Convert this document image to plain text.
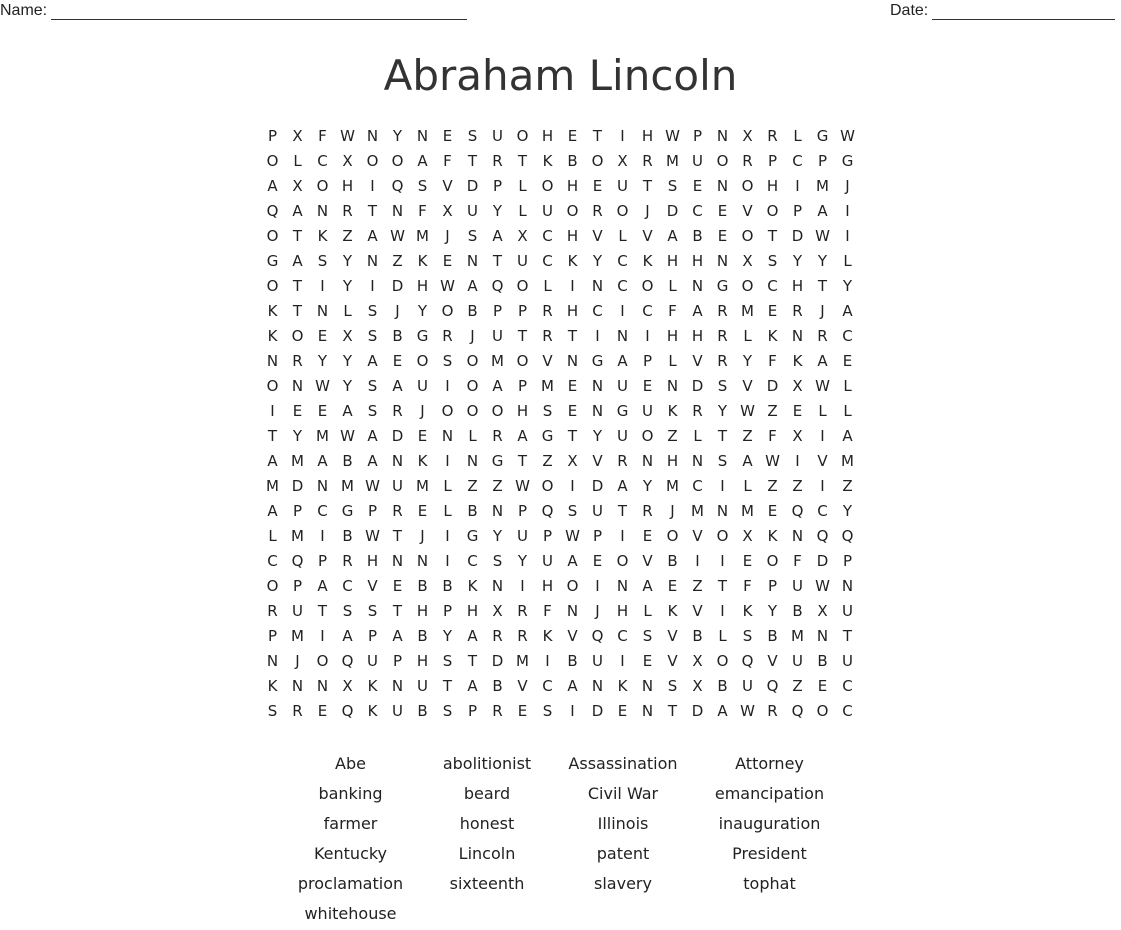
Name:	Date:
Abraham Lincoln
P	X	F W N Y N E	S U O H E	T	I	H W P N X R	L	G W
O L	C X O O A	F	T	R	T	K B O X R M U O R	P	C	P G
A X O H	I	Q S	V D P	L O H E U T	S	E N O H	I	M	J
Q A N R	T N	F	X U Y	L	U O R O	J	D C	E	V O P	A	I
O T	K Z A W M	J	S	A X C H V	L	V A B	E O T D W	I
G A	S	Y N Z K	E N T U C K	Y	C K H H N X	S	Y	Y	L
O T	I	Y	I	D H W A Q O L	I	N C O L	N G O C H T	Y
K	T N	L	S	J	Y O B	P	P	R H C	I	C	F	A R M E	R	J	A
K O E	X	S	B G R	J	U T	R	T	I	N	I	H H R	L	K N R C
N R	Y	Y	A	E O S O M O V N G A	P	L	V R	Y	F	K A	E
O N W Y	S	A U	I	O A	P M E N U E N D S	V D X W L
I	E	E	A	S	R	J	O O O H S	E N G U K R	Y W Z	E	L	L
T	Y M W A D E N	L	R A G T	Y U O Z	L	T	Z	F	X	I	A
A M A B A N K	I	N G T	Z X V R N H N S	A W	I	V M
M D N M W U M L	Z Z W O	I	D A	Y M C	I	L	Z Z	I	Z
A	P	C G P	R	E	L	B N P Q S U T	R	J	M N M E Q C	Y
L M	I	B W T	J	I	G Y U P W P	I	E O V O X K N Q Q
C Q P	R H N N	I	C	S	Y U A	E O V B	I	I	E O F D P
O P	A C V	E	B B K N	I	H O	I	N A	E	Z	T	F	P U W N
R U T	S	S	T H P H X R	F	N	J	H	L	K V	I	K	Y	B X U
P M	I	A	P	A B	Y	A R R K V Q C	S	V B	L	S	B M N T
N	J	O Q U P H S	T D M	I	B U	I	E	V X O Q V U B U
K N N X K N U T	A B V C A N K N S	X B U Q Z	E	C
S	R	E Q K U B	S	P	R	E	S	I	D E N T D A W R Q O C
Abe	abolitionist	Assassination	Attorney
banking	beard	Civil War	emancipation
farmer	honest	Illinois	inauguration
Kentucky	Lincoln	patent	President
proclamation	sixteenth	slavery	tophat
whitehouse
